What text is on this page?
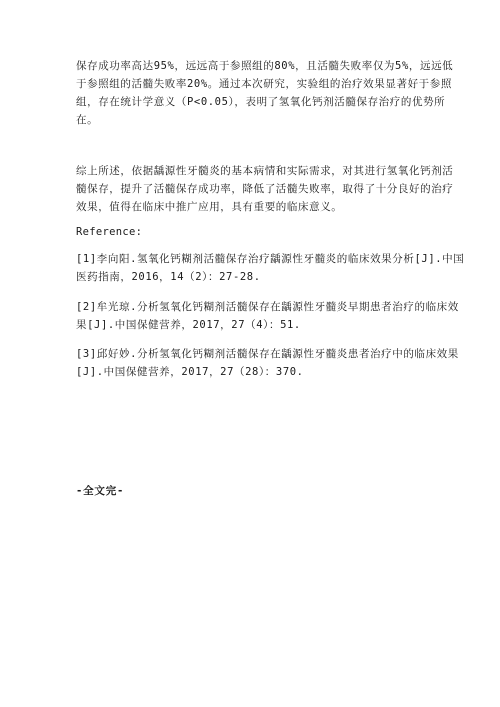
保存成功率高达95%，远远高于参照组的80%，且活髓失败率仅为5%，远远低
于参照组的活髓失败率20%。通过本次研究，实验组的治疗效果显著好于参照
组，存在统计学意义（P<0.05），表明了氢氧化钙剂活髓保存治疗的优势所
在。
综上所述，依据龋源性牙髓炎的基本病情和实际需求，对其进行氢氧化钙剂活
髓保存，提升了活髓保存成功率，降低了活髓失败率，取得了十分良好的治疗
效果，值得在临床中推广应用，具有重要的临床意义。
Reference:
[1]李向阳.氢氧化钙糊剂活髓保存治疗龋源性牙髓炎的临床效果分析[J].中国
医药指南，2016，14（2）：27-28.
[2]牟光琼.分析氢氧化钙糊剂活髓保存在龋源性牙髓炎早期患者治疗的临床效
果[J].中国保健营养，2017，27（4）：51.
[3]邱好妙.分析氢氧化钙糊剂活髓保存在龋源性牙髓炎患者治疗中的临床效果
[J].中国保健营养，2017，27（28）：370.
-全文完-
